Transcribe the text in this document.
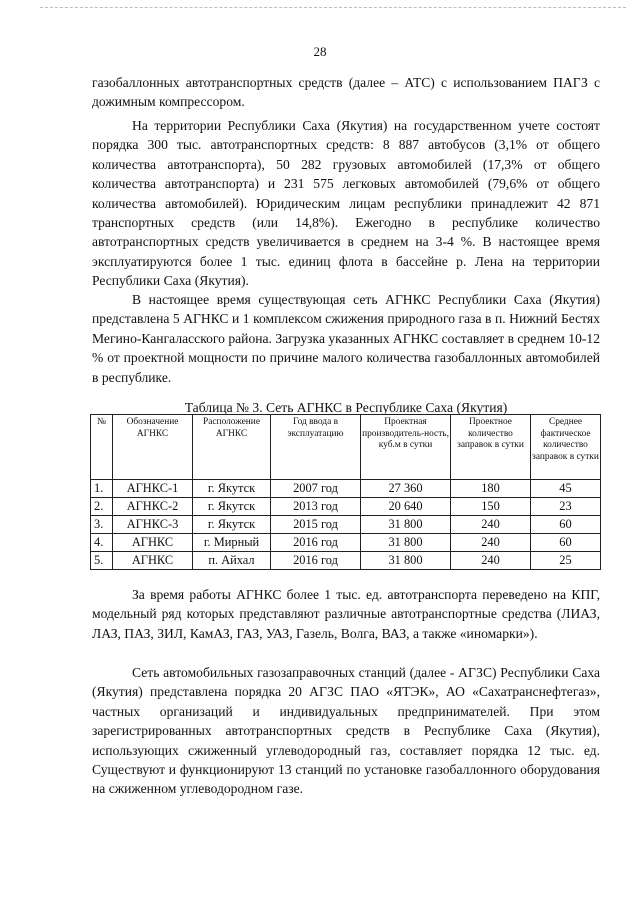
28

газобаллонных автотранспортных средств (далее – АТС) с использованием ПАГЗ с дожимным компрессором.

На территории Республики Саха (Якутия) на государственном учете состоят порядка 300 тыс. автотранспортных средств: 8 887 автобусов (3,1% от общего количества автотранспорта), 50 282 грузовых автомобилей (17,3% от общего количества автотранспорта) и 231 575 легковых автомобилей (79,6% от общего количества автомобилей). Юридическим лицам республики принадлежит 42 871 транспортных средств (или 14,8%). Ежегодно в республике количество автотранспортных средств увеличивается в среднем на 3-4 %. В настоящее время эксплуатируются более 1 тыс. единиц флота в бассейне р. Лена на территории Республики Саха (Якутия).

В настоящее время существующая сеть АГНКС Республики Саха (Якутия) представлена 5 АГНКС и 1 комплексом сжижения природного газа в п. Нижний Бестях Мегино-Кангаласского района. Загрузка указанных АГНКС составляет в среднем 10-12 % от проектной мощности по причине малого количества газобаллонных автомобилей в республике.

Таблица № 3. Сеть АГНКС в Республике Саха (Якутия)
№	Обозначение АГНКС	Расположение АГНКС	Год ввода в эксплуатацию	Проектная производитель-ность, куб.м в сутки	Проектное количество заправок в сутки	Среднее фактическое количество заправок в сутки
1.	АГНКС-1	г. Якутск	2007 год	27 360	180	45
2.	АГНКС-2	г. Якутск	2013 год	20 640	150	23
3.	АГНКС-3	г. Якутск	2015 год	31 800	240	60
4.	АГНКС	г. Мирный	2016 год	31 800	240	60
5.	АГНКС	п. Айхал	2016 год	31 800	240	25

За время работы АГНКС более 1 тыс. ед. автотранспорта переведено на КПГ, модельный ряд которых представляют различные автотранспортные средства (ЛИАЗ, ЛАЗ, ПАЗ, ЗИЛ, КамАЗ, ГАЗ, УАЗ, Газель, Волга, ВАЗ, а также «иномарки»).

Сеть автомобильных газозаправочных станций (далее - АГЗС) Республики Саха (Якутия) представлена порядка 20 АГЗС ПАО «ЯТЭК», АО «Сахатранснефтегаз», частных организаций и индивидуальных предпринимателей. При этом зарегистрированных автотранспортных средств в Республике Саха (Якутия), использующих сжиженный углеводородный газ, составляет порядка 12 тыс. ед. Существуют и функционируют 13 станций по установке газобаллонного оборудования на сжиженном углеводородном газе.
